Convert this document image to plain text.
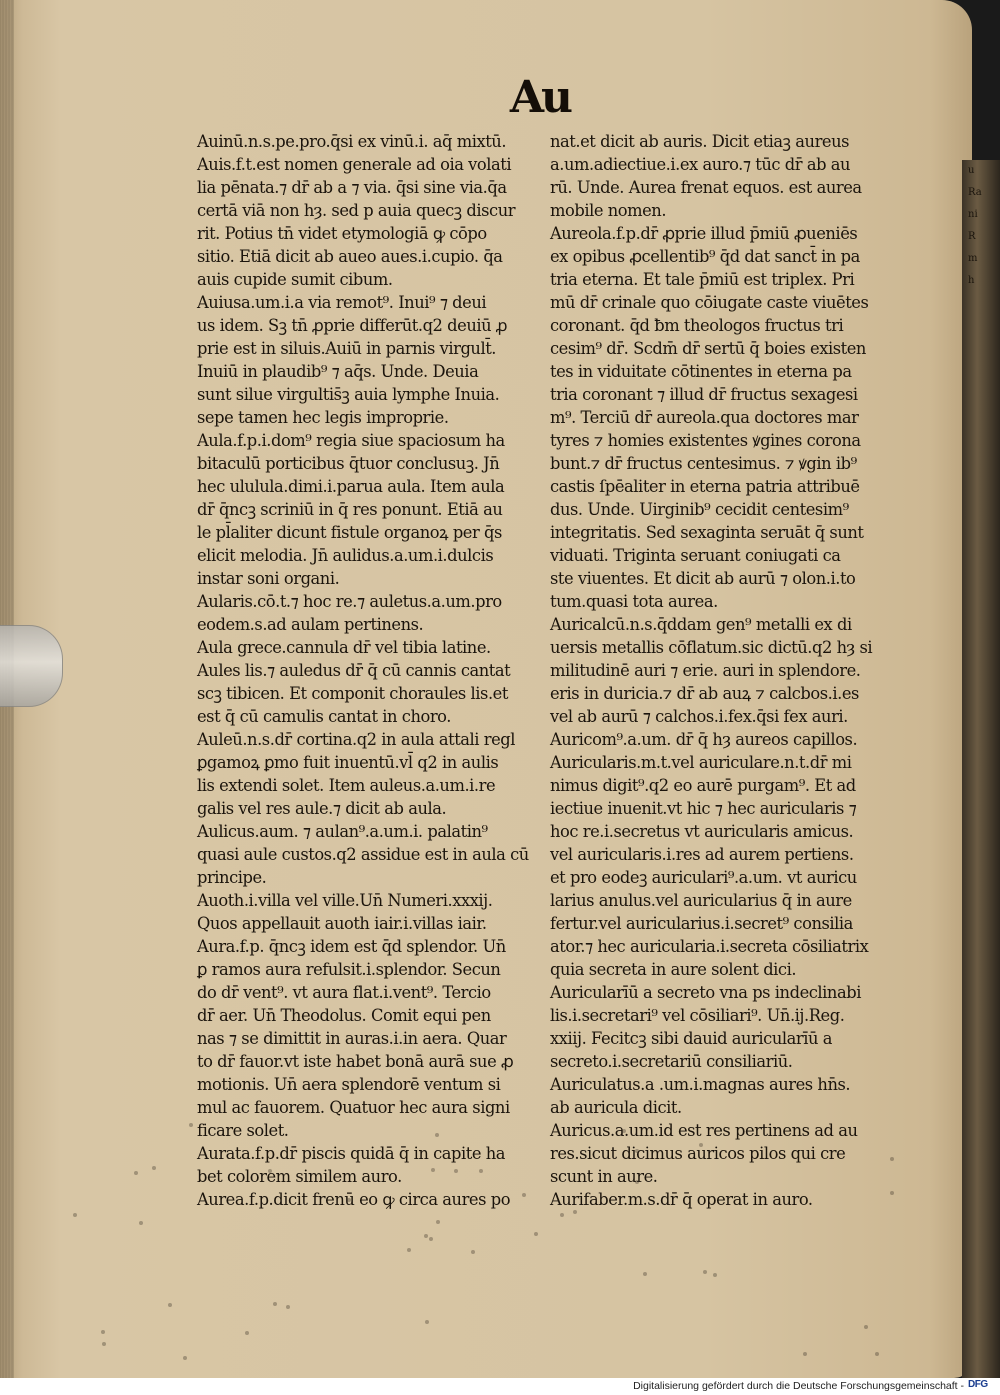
Au
Auinū.n.s.pe.pro.q̄si ex vinū.i. aq̄ mixtū.
Auis.f.t.est nomen generale ad oia volati
lia pēnata.⁊ dr̄ ab a ⁊ via. q̄si sine via.q̄a
certā viā non hȝ. sed p auia quecꝫ discur
rit. Potius tn̄ videt etymologiā ꝙ cōpo
sitio. Etiā dicit ab aueo aues.i.cupio. q̄a
auis cupide sumit cibum.
Auiusa.um.i.a via remot⁹. Inui⁹ ⁊ deui
us idem. Sꝫ tn̄ ꝓprie differūt.q2 deuiū ꝓ
prie est in siluis.Auiū in parnis virgult̄.
Inuiū in plaudib⁹ ⁊ aq̄s. Unde. Deuia
sunt silue virgultis̄ꝫ auia lymphe Inuia.
sepe tamen hec legis improprie.
Aula.f.p.i.dom⁹ regia siue spaciosum ha
bitaculū porticibus q̄tuor conclusuꝫ. Jn̄
hec ululula.dimi.i.parua aula. Item aula
dr̄ q̄ncꝫ scriniū in q̄ res ponunt. Etiā au
le pl̄aliter dicunt fistule organoꝝ per q̄s
elicit melodia. Jn̄ aulidus.a.um.i.dulcis
instar soni organi.
Aularis.cō.t.⁊ hoc re.⁊ auletus.a.um.pro
eodem.s.ad aulam pertinens.
Aula grece.cannula dr̄ vel tibia latine.
Aules lis.⁊ auledus dr̄ q̄ cū cannis cantat
scꝫ tibicen. Et componit choraules lis.et
est q̄ cū camulis cantat in choro.
Auleū.n.s.dr̄ cortina.q2 in aula attali regl
ꝑgamoꝝ ꝑmo fuit inuentū.vl̄ q2 in aulis
lis extendi solet. Item auleus.a.um.i.re
galis vel res aule.⁊ dicit ab aula.
Aulicus.aum. ⁊ aulan⁹.a.um.i. palatin⁹
quasi aule custos.q2 assidue est in aula cū
principe.
Auoth.i.villa vel ville.Un̄ Numeri.xxxij.
Quos appellauit auoth iair.i.villas iair.
Aura.f.p. q̄ncꝫ idem est q̄d splendor. Un̄
ꝑ ramos aura refulsit.i.splendor. Secun
do dr̄ vent⁹. vt aura flat.i.vent⁹. Tercio
dr̄ aer. Un̄ Theodolus. Comit equi pen
nas ⁊ se dimittit in auras.i.in aera. Quar
to dr̄ fauor.vt iste habet bonā aurā sue ꝓ
motionis. Un̄ aera splendorē ventum si
mul ac fauorem. Quatuor hec aura signi
ficare solet.
Aurata.f.p.dr̄ piscis quidā q̄ in capite ha
bet colorem similem auro.
Aurea.f.p.dicit frenū eo ꝙ circa aures po
nat.et dicit ab auris. Dicit etiaꝫ aureus
a.um.adiectiue.i.ex auro.⁊ tūc dr̄ ab au
rū. Unde. Aurea frenat equos. est aurea
mobile nomen.
Aureola.f.p.dr̄ ꝓprie illud p̄miū ꝓueniēs
ex opibus ꝓcellentib⁹ q̄d dat sanct̄ in pa
tria eterna. Et tale p̄miū est triplex. Pri
mū dr̄ crinale quo cōiugate caste viuētes
coronant. q̄d ƀm theologos fructus tri
cesim⁹ dr̄. Scdm̄ dr̄ sertū q̄ boies existen
tes in viduitate cōtinentes in eterna pa
tria coronant ⁊ illud dr̄ fructus sexagesi
m⁹. Terciū dr̄ aureola.qua doctores mar
tyres ⁊ homies existentes ꝟgines corona
bunt.⁊ dr̄ fructus centesimus. ⁊ ꝟgin ib⁹
castis ſpēaliter in eterna patria attribuē
dus. Unde. Uirginib⁹ cecidit centesim⁹
integritatis. Sed sexaginta seruāt q̄ sunt
viduati. Triginta seruant coniugati ca
ste viuentes. Et dicit ab aurū ⁊ olon.i.to
tum.quasi tota aurea.
Auricalcū.n.s.q̄ddam gen⁹ metalli ex di
uersis metallis cōflatum.sic dictū.q2 hȝ si
militudinē auri ⁊ erie. auri in splendore.
eris in duricia.⁊ dr̄ ab auꝝ ⁊ calcbos.i.es
vel ab aurū ⁊ calchos.i.fex.q̄si fex auri.
Auricom⁹.a.um. dr̄ q̄ hȝ aureos capillos.
Auricularis.m.t.vel auriculare.n.t.dr̄ mi
nimus digit⁹.q2 eo aurē purgam⁹. Et ad
iectiue inuenit.vt hic ⁊ hec auricularis ⁊
hoc re.i.secretus vt auricularis amicus.
vel auricularis.i.res ad aurem pertiens.
et pro eodeꝫ auriculari⁹.a.um. vt auricu
larius anulus.vel auricularius q̄ in aure
fertur.vel auricularius.i.secret⁹ consilia
ator.⁊ hec auricularia.i.secreta cōsiliatrix
quia secreta in aure solent dici.
Auricularīū a secreto vna ps indeclinabi
lis.i.secretari⁹ vel cōsiliari⁹. Un̄.ij.Reg.
xxiij. Fecitcꝫ sibi dauid auricularīū a
secreto.i.secretariū consiliariū.
Auriculatus.a .um.i.magnas aures hn̄s.
ab auricula dicit.
Auricus.a.um.id est res pertinens ad au
res.sicut dicimus auricos pilos qui cre
scunt in aure.
Aurifaber.m.s.dr̄ q̄ operat in auro.
u
Ra
ni
R
m
h
Digitalisierung gefördert durch die Deutsche Forschungsgemeinschaft - DFG
